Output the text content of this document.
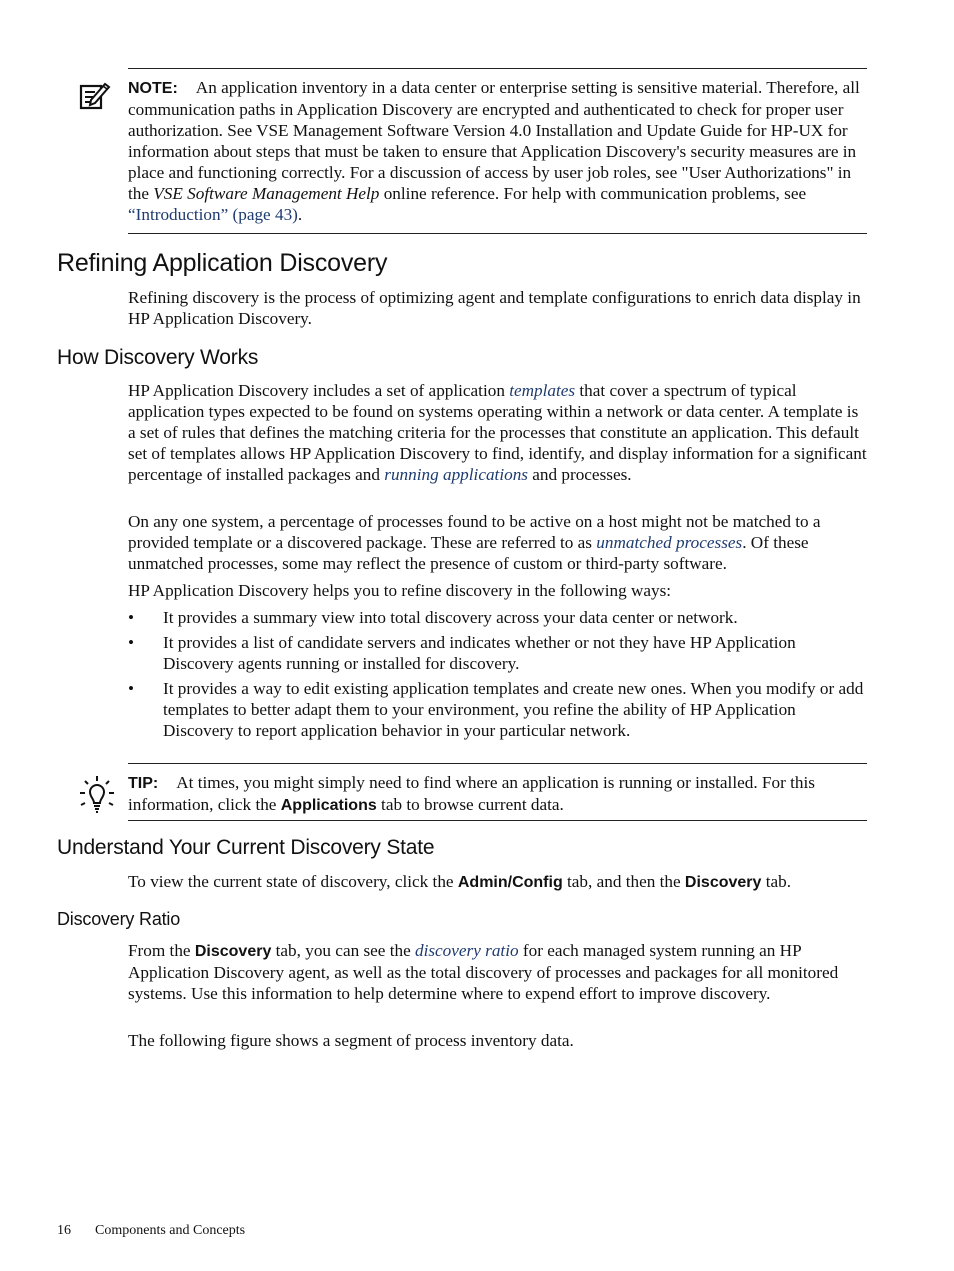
NOTE: An application inventory in a data center or enterprise setting is sensitive material. Therefore, all communication paths in Application Discovery are encrypted and authenticated to check for proper user authorization. See VSE Management Software Version 4.0 Installation and Update Guide for HP-UX for information about steps that must be taken to ensure that Application Discovery's security measures are in place and functioning correctly. For a discussion of access by user job roles, see "User Authorizations" in the VSE Software Management Help online reference. For help with communication problems, see “Introduction” (page 43).

Refining Application Discovery

Refining discovery is the process of optimizing agent and template configurations to enrich data display in HP Application Discovery.

How Discovery Works

HP Application Discovery includes a set of application templates that cover a spectrum of typical application types expected to be found on systems operating within a network or data center. A template is a set of rules that defines the matching criteria for the processes that constitute an application. This default set of templates allows HP Application Discovery to find, identify, and display information for a significant percentage of installed packages and running applications and processes.

On any one system, a percentage of processes found to be active on a host might not be matched to a provided template or a discovered package. These are referred to as unmatched processes. Of these unmatched processes, some may reflect the presence of custom or third-party software.

HP Application Discovery helps you to refine discovery in the following ways:

• It provides a summary view into total discovery across your data center or network.
• It provides a list of candidate servers and indicates whether or not they have HP Application Discovery agents running or installed for discovery.
• It provides a way to edit existing application templates and create new ones. When you modify or add templates to better adapt them to your environment, you refine the ability of HP Application Discovery to report application behavior in your particular network.

TIP: At times, you might simply need to find where an application is running or installed. For this information, click the Applications tab to browse current data.

Understand Your Current Discovery State

To view the current state of discovery, click the Admin/Config tab, and then the Discovery tab.

Discovery Ratio

From the Discovery tab, you can see the discovery ratio for each managed system running an HP Application Discovery agent, as well as the total discovery of processes and packages for all monitored systems. Use this information to help determine where to expend effort to improve discovery.

The following figure shows a segment of process inventory data.

16 Components and Concepts
